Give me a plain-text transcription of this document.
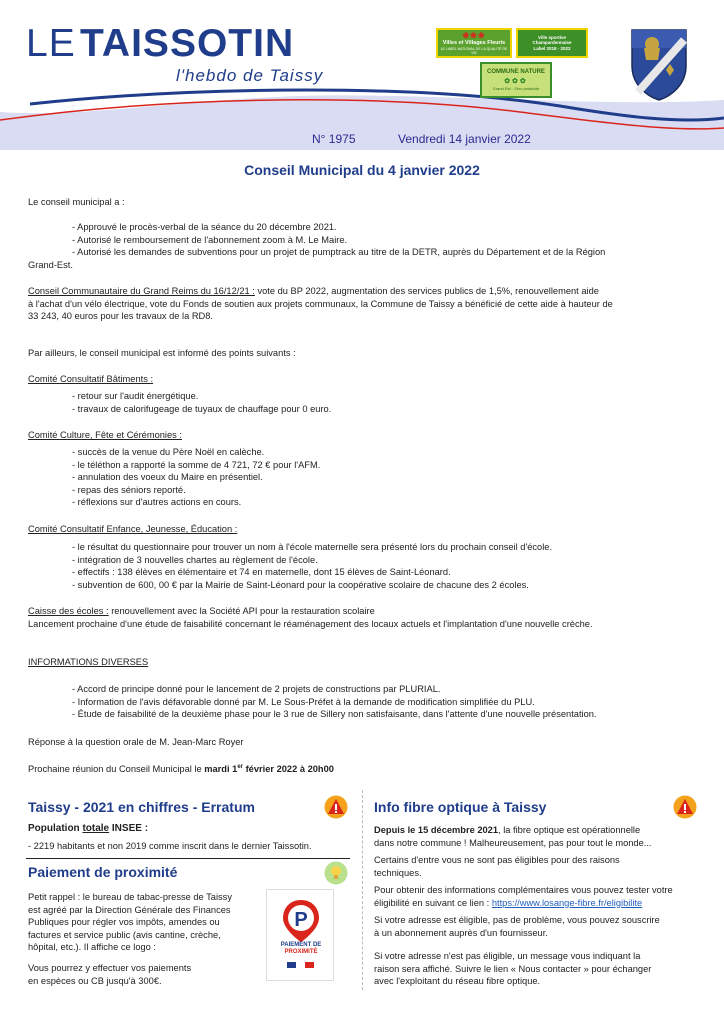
LE TAISSOTIN
l'hebdo de Taissy
❀❀❀
Villes et Villages Fleuris
LE LABEL NATIONAL DE LA QUALITÉ DE VIE
Ville sportive
Champardennaise
Label 2018 - 2022
COMMUNE NATURE
✿✿✿
Grand Est · Zéro pesticide
N° 1975	Vendredi 14 janvier 2022
Conseil Municipal du 4 janvier 2022
Le conseil municipal a :
- Approuvé le procès-verbal de la séance du 20 décembre 2021.
- Autorisé le remboursement de l'abonnement zoom à M. Le Maire.
- Autorisé les demandes de subventions pour un projet de pumptrack au titre de la DETR, auprès du Département et de la Région
Grand-Est.
Conseil Communautaire du Grand Reims du 16/12/21 : vote du BP 2022, augmentation des services publics de 1,5%, renouvellement aide
à l'achat d'un vélo électrique, vote du Fonds de soutien aux projets communaux, la Commune de Taissy a bénéficié de cette aide à hauteur de
33 243, 40 euros pour les travaux de la RD8.
Par ailleurs, le conseil municipal est informé des points suivants :
Comité Consultatif Bâtiments :
- retour sur l'audit énergétique.
- travaux de calorifugeage de tuyaux de chauffage pour 0 euro.
Comité Culture, Fête et Cérémonies :
- succès de la venue du Père Noël en calèche.
- le téléthon a rapporté la somme de 4 721, 72 € pour l'AFM.
- annulation des voeux du Maire en présentiel.
- repas des séniors reporté.
- réflexions sur d'autres actions en cours.
Comité Consultatif Enfance, Jeunesse, Éducation :
- le résultat du questionnaire pour trouver un nom à l'école maternelle sera présenté lors du prochain conseil d'école.
- intégration de 3 nouvelles chartes au règlement de l'école.
- effectifs : 138 élèves en élémentaire et 74 en maternelle, dont 15 élèves de Saint-Léonard.
- subvention de 600, 00 € par la Mairie de Saint-Léonard pour la coopérative scolaire de chacune des 2 écoles.
Caisse des écoles : renouvellement avec la Société API pour la restauration scolaire
Lancement prochaine d'une étude de faisabilité concernant le réaménagement des locaux actuels et l'implantation d'une nouvelle crèche.
INFORMATIONS DIVERSES
- Accord de principe donné pour le lancement de 2 projets de constructions par PLURIAL.
- Information de l'avis défavorable donné par M. Le Sous-Préfet à la demande de modification simplifiée du PLU.
- Étude de faisabilité de la deuxième phase pour le 3 rue de Sillery non satisfaisante, dans l'attente d'une nouvelle présentation.
Réponse à la question orale de M. Jean-Marc Royer
Prochaine réunion du Conseil Municipal le mardi 1er février 2022 à 20h00
Taissy - 2021 en chiffres - Erratum
Population totale INSEE :
- 2219 habitants et non 2019 comme inscrit dans le dernier Taissotin.
Paiement de proximité
Petit rappel : le bureau de tabac-presse de Taissy
est agréé par la Direction Générale des Finances
Publiques pour régler vos impôts, amendes ou
factures et service public (avis cantine, crèche,
hôpital, etc.). Il affiche ce logo :
Vous pourrez y effectuer vos paiements
en espèces ou CB jusqu'à 300€.
P
PAIEMENT DE
PROXIMITÉ
Info fibre optique à Taissy
Depuis le 15 décembre 2021, la fibre optique est opérationnelle
dans notre commune ! Malheureusement, pas pour tout le monde...
Certains d'entre vous ne sont pas éligibles pour des raisons
techniques.
Pour obtenir des informations complémentaires vous pouvez tester votre
éligibilité en suivant ce lien : https://www.losange-fibre.fr/eligibilite
Si votre adresse est éligible, pas de problème, vous pouvez souscrire
à un abonnement auprès d'un fournisseur.
Si votre adresse n'est pas éligible, un message vous indiquant la
raison sera affiché. Suivre le lien « Nous contacter » pour échanger
avec l'exploitant du réseau fibre optique.
